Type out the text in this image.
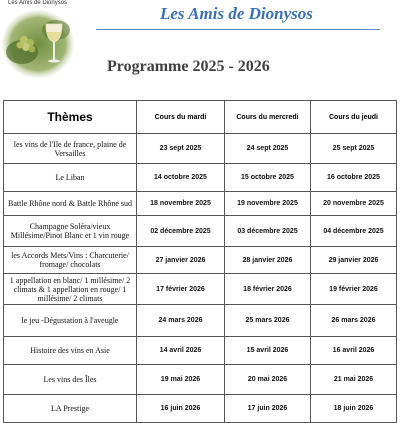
Les Amis de Dionysos
Les Amis de Dionysos
Programme 2025 - 2026
Thèmes	Cours du mardi	Cours du mercredi	Cours du jeudi
les vins de l'Ile de france, plaine de Versailles	23 sept 2025	24 sept 2025	25 sept 2025
Le Liban	14 octobre 2025	15 octobre 2025	16 octobre 2025
Battle Rhône nord & Battle Rhône sud	18 novembre 2025	19 novembre 2025	20 novembre 2025
Champagne Soléra/vieux Millésime/Pinot Blanc et 1 vin rouge	02 décembre 2025	03 décembre 2025	04 décembre 2025
les Accords Mets/Vins : Charcuterie/ fromage/ chocolats	27 janvier 2026	28 janvier 2026	29 janvier 2026
1 appellation en blanc/ 1 millésime/ 2 climats & 1 appellation en rouge/ 1 millésime/ 2 climats	17 février 2026	18 février 2026	19 février 2026
le jeu -Dégustation à l'aveugle	24 mars 2026	25 mars 2026	26 mars 2026
Histoire des vins en Asie	14 avril 2026	15 avril 2026	16 avril 2026
Les vins des Îles	19 mai 2026	20 mai 2026	21 mai 2026
LA Prestige	16 juin 2026	17 juin 2026	18 juin 2026
